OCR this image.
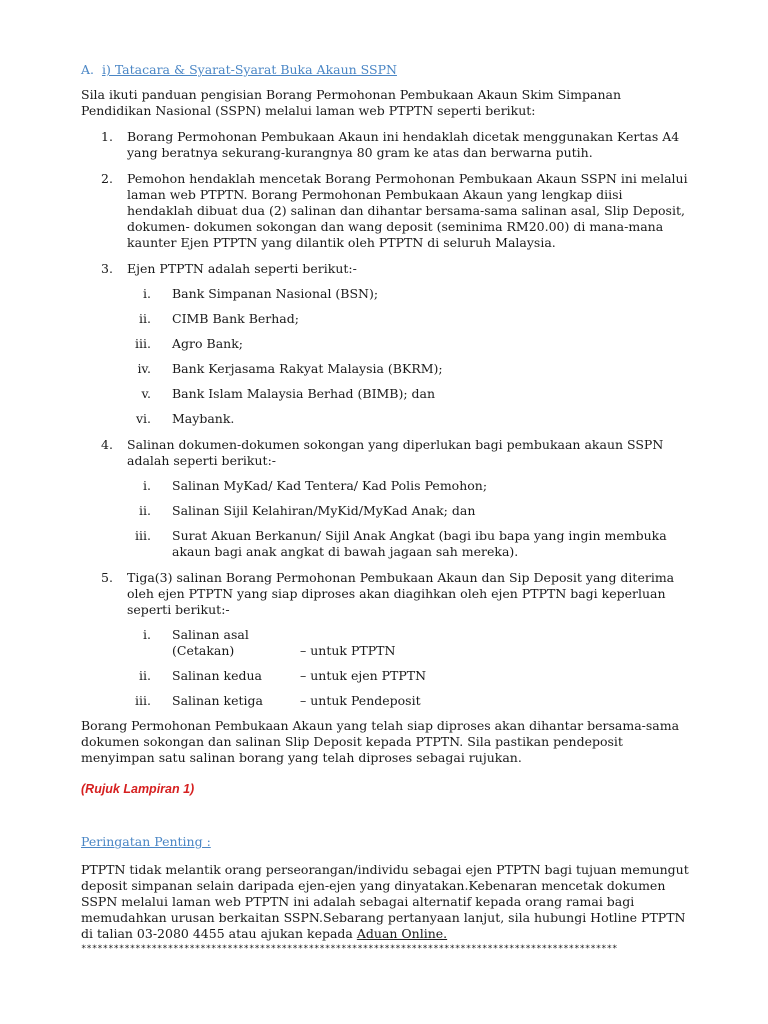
A. i) Tatacara & Syarat-Syarat Buka Akaun SSPN

Sila ikuti panduan pengisian Borang Permohonan Pembukaan Akaun Skim Simpanan Pendidikan Nasional (SSPN) melalui laman web PTPTN seperti berikut:

1. Borang Permohonan Pembukaan Akaun ini hendaklah dicetak menggunakan Kertas A4 yang beratnya sekurang-kurangnya 80 gram ke atas dan berwarna putih.
2. Pemohon hendaklah mencetak Borang Permohonan Pembukaan Akaun SSPN ini melalui laman web PTPTN. Borang Permohonan Pembukaan Akaun yang lengkap diisi hendaklah dibuat dua (2) salinan dan dihantar bersama-sama salinan asal, Slip Deposit, dokumen- dokumen sokongan dan wang deposit (seminima RM20.00) di mana-mana kaunter Ejen PTPTN yang dilantik oleh PTPTN di seluruh Malaysia.
3. Ejen PTPTN adalah seperti berikut:-
i. Bank Simpanan Nasional (BSN);
ii. CIMB Bank Berhad;
iii. Agro Bank;
iv. Bank Kerjasama Rakyat Malaysia (BKRM);
v. Bank Islam Malaysia Berhad (BIMB); dan
vi. Maybank.
4. Salinan dokumen-dokumen sokongan yang diperlukan bagi pembukaan akaun SSPN adalah seperti berikut:-
i. Salinan MyKad/ Kad Tentera/ Kad Polis Pemohon;
ii. Salinan Sijil Kelahiran/MyKid/MyKad Anak; dan
iii. Surat Akuan Berkanun/ Sijil Anak Angkat (bagi ibu bapa yang ingin membuka akaun bagi anak angkat di bawah jagaan sah mereka).
5. Tiga(3) salinan Borang Permohonan Pembukaan Akaun dan Sip Deposit yang diterima oleh ejen PTPTN yang siap diproses akan diagihkan oleh ejen PTPTN bagi keperluan seperti berikut:-
i. Salinan asal (Cetakan)	– untuk PTPTN
ii. Salinan kedua	– untuk ejen PTPTN
iii. Salinan ketiga	– untuk Pendeposit

Borang Permohonan Pembukaan Akaun yang telah siap diproses akan dihantar bersama-sama dokumen sokongan dan salinan Slip Deposit kepada PTPTN. Sila pastikan pendeposit menyimpan satu salinan borang yang telah diproses sebagai rujukan.

(Rujuk Lampiran 1)

Peringatan Penting :

PTPTN tidak melantik orang perseorangan/individu sebagai ejen PTPTN bagi tujuan memungut deposit simpanan selain daripada ejen-ejen yang dinyatakan.Kebenaran mencetak dokumen SSPN melalui laman web PTPTN ini adalah sebagai alternatif kepada orang ramai bagi memudahkan urusan berkaitan SSPN.Sebarang pertanyaan lanjut, sila hubungi Hotline PTPTN di talian 03-2080 4455 atau ajukan kepada Aduan Online.

***************************************************************************************************
